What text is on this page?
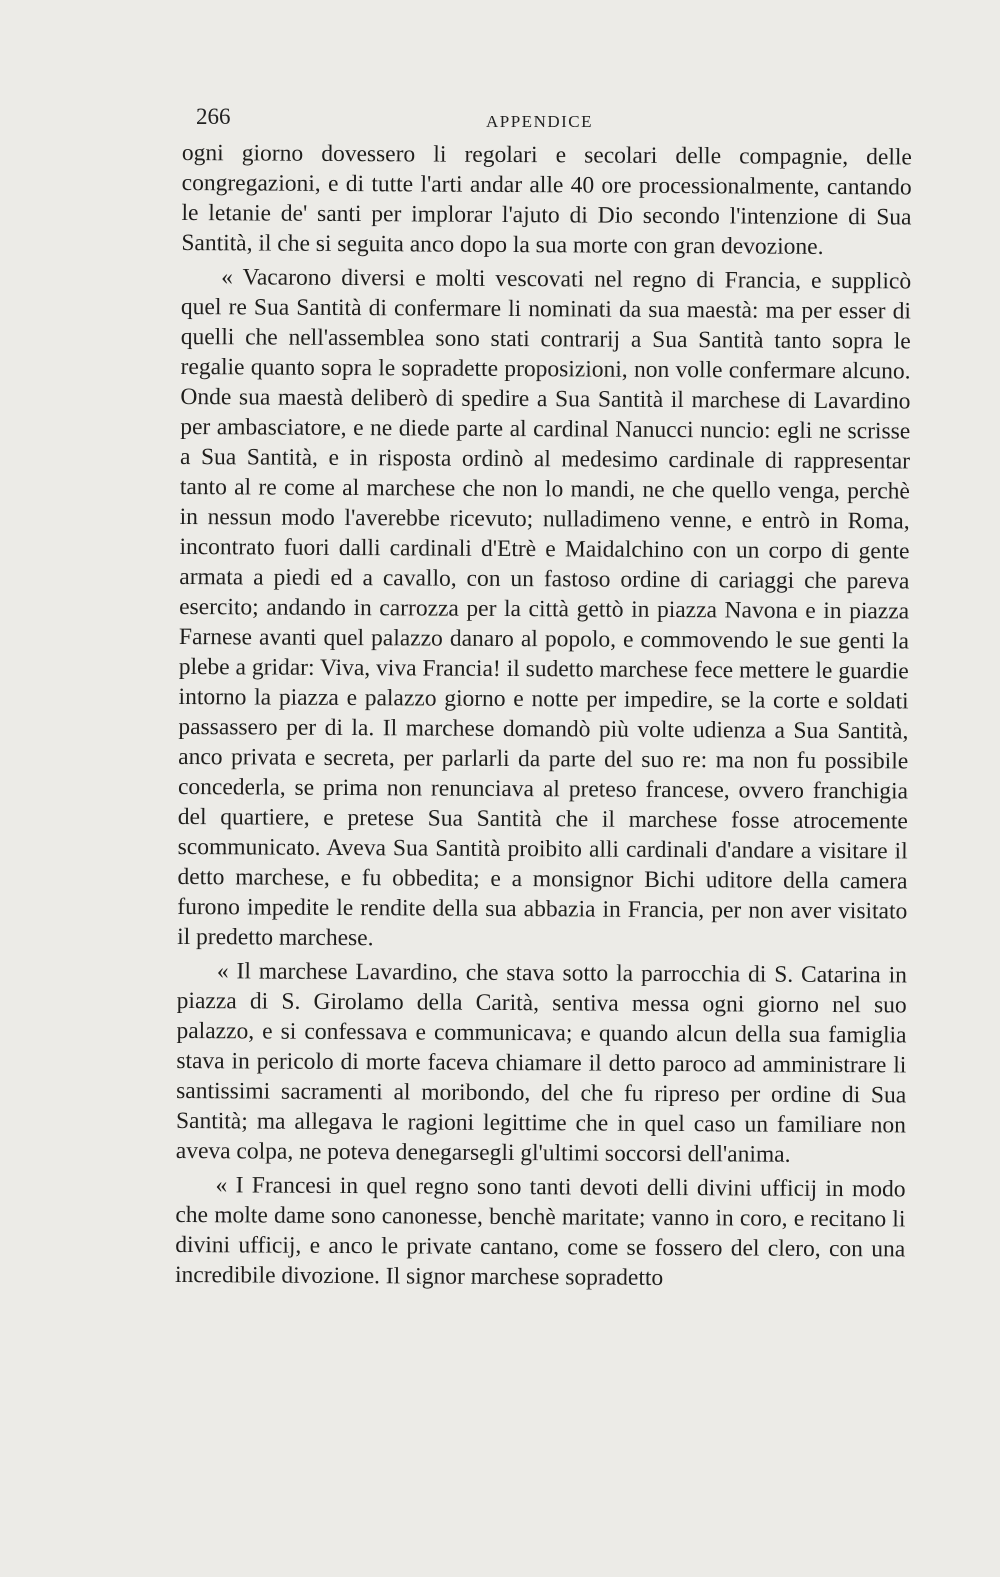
266	APPENDICE

ogni giorno dovessero li regolari e secolari delle compagnie, delle congregazioni, e di tutte l'arti andar alle 40 ore processionalmente, cantando le letanie de' santi per implorar l'ajuto di Dio secondo l'intenzione di Sua Santità, il che si seguita anco dopo la sua morte con gran devozione.

« Vacarono diversi e molti vescovati nel regno di Francia, e supplicò quel re Sua Santità di confermare li nominati da sua maestà: ma per esser di quelli che nell'assemblea sono stati contrarij a Sua Santità tanto sopra le regalie quanto sopra le sopradette proposizioni, non volle confermare alcuno. Onde sua maestà deliberò di spedire a Sua Santità il marchese di Lavardino per ambasciatore, e ne diede parte al cardinal Nanucci nuncio: egli ne scrisse a Sua Santità, e in risposta ordinò al medesimo cardinale di rappresentar tanto al re come al marchese che non lo mandi, ne che quello venga, perchè in nessun modo l'averebbe ricevuto; nulladimeno venne, e entrò in Roma, incontrato fuori dalli cardinali d'Etrè e Maidalchino con un corpo di gente armata a piedi ed a cavallo, con un fastoso ordine di cariaggi che pareva esercito; andando in carrozza per la città gettò in piazza Navona e in piazza Farnese avanti quel palazzo danaro al popolo, e commovendo le sue genti la plebe a gridar: Viva, viva Francia! il sudetto marchese fece mettere le guardie intorno la piazza e palazzo giorno e notte per impedire, se la corte e soldati passassero per di la. Il marchese domandò più volte udienza a Sua Santità, anco privata e secreta, per parlarli da parte del suo re: ma non fu possibile concederla, se prima non renunciava al preteso francese, ovvero franchigia del quartiere, e pretese Sua Santità che il marchese fosse atrocemente scommunicato. Aveva Sua Santità proibito alli cardinali d'andare a visitare il detto marchese, e fu obbedita; e a monsignor Bichi uditore della camera furono impedite le rendite della sua abbazia in Francia, per non aver visitato il predetto marchese.

« Il marchese Lavardino, che stava sotto la parrocchia di S. Catarina in piazza di S. Girolamo della Carità, sentiva messa ogni giorno nel suo palazzo, e si confessava e communicava; e quando alcun della sua famiglia stava in pericolo di morte faceva chiamare il detto paroco ad amministrare li santissimi sacramenti al moribondo, del che fu ripreso per ordine di Sua Santità; ma allegava le ragioni legittime che in quel caso un familiare non aveva colpa, ne poteva denegarsegli gl'ultimi soccorsi dell'anima.

« I Francesi in quel regno sono tanti devoti delli divini ufficij in modo che molte dame sono canonesse, benchè maritate; vanno in coro, e recitano li divini ufficij, e anco le private cantano, come se fossero del clero, con una incredibile divozione. Il signor marchese sopradetto
